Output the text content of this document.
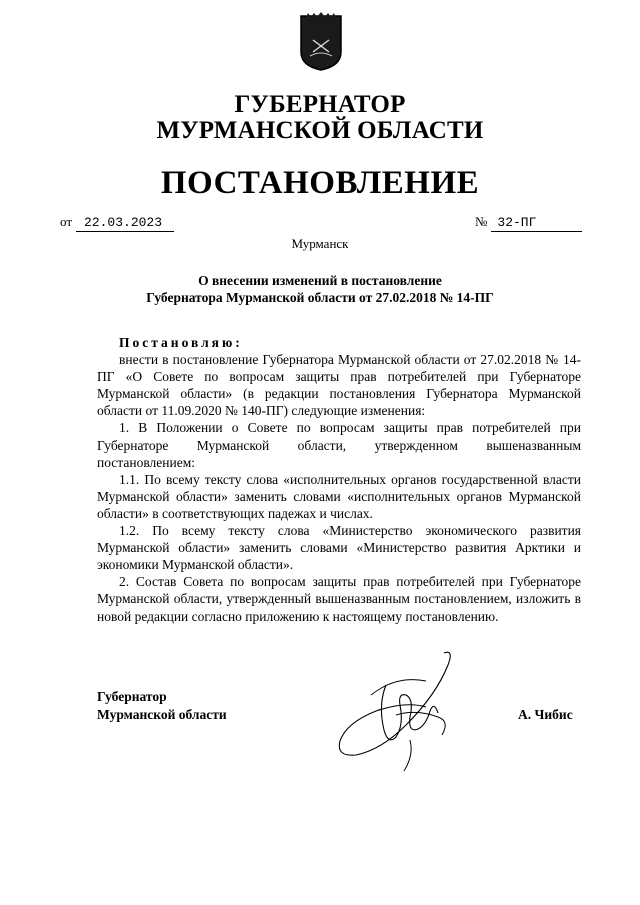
ГУБЕРНАТОР
МУРМАНСКОЙ ОБЛАСТИ
ПОСТАНОВЛЕНИЕ
от 22.03.2023	№ 32-ПГ
Мурманск
О внесении изменений в постановление
Губернатора Мурманской области от 27.02.2018 № 14-ПГ

Постановляю:

внести в постановление Губернатора Мурманской области от 27.02.2018 № 14-ПГ «О Совете по вопросам защиты прав потребителей при Губернаторе Мурманской области» (в редакции постановления Губернатора Мурманской области от 11.09.2020 № 140-ПГ) следующие изменения:

1. В Положении о Совете по вопросам защиты прав потребителей при Губернаторе Мурманской области, утвержденном вышеназванным постановлением:

1.1. По всему тексту слова «исполнительных органов государственной власти Мурманской области» заменить словами «исполнительных органов Мурманской области» в соответствующих падежах и числах.

1.2. По всему тексту слова «Министерство экономического развития Мурманской области» заменить словами «Министерство развития Арктики и экономики Мурманской области».

2. Состав Совета по вопросам защиты прав потребителей при Губернаторе Мурманской области, утвержденный вышеназванным постановлением, изложить в новой редакции согласно приложению к настоящему постановлению.

Губернатор
Мурманской области	А. Чибис
